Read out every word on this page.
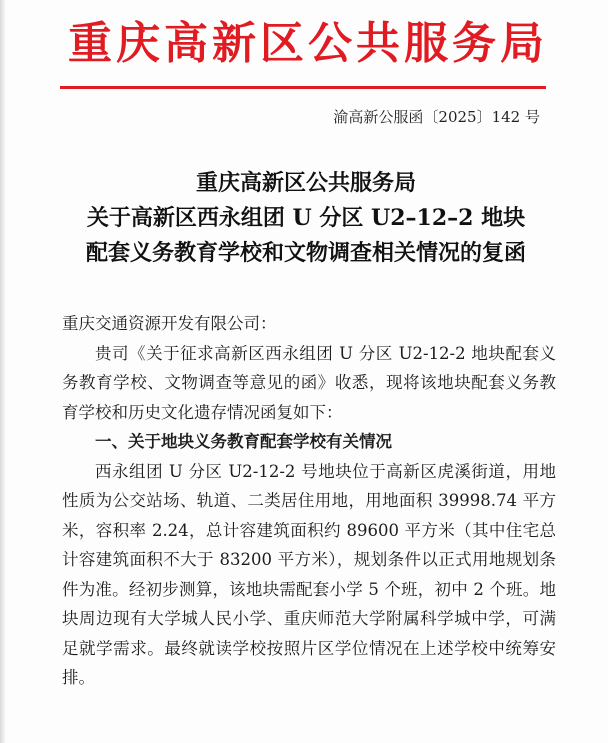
重庆高新区公共服务局
渝高新公服函〔2025〕142 号
重庆高新区公共服务局
关于高新区西永组团 U 分区 U2–12–2 地块
配套义务教育学校和文物调查相关情况的复函

重庆交通资源开发有限公司：

贵司《关于征求高新区西永组团 U 分区 U2-12-2 地块配套义务教育学校、文物调查等意见的函》收悉，现将该地块配套义务教育学校和历史文化遗存情况函复如下：

一、关于地块义务教育配套学校有关情况

西永组团 U 分区 U2-12-2 号地块位于高新区虎溪街道，用地性质为公交站场、轨道、二类居住用地，用地面积 39998.74 平方米，容积率 2.24，总计容建筑面积约 89600 平方米（其中住宅总计容建筑面积不大于 83200 平方米），规划条件以正式用地规划条件为准。经初步测算，该地块需配套小学 5 个班，初中 2 个班。地块周边现有大学城人民小学、重庆师范大学附属科学城中学，可满足就学需求。最终就读学校按照片区学位情况在上述学校中统筹安排。
